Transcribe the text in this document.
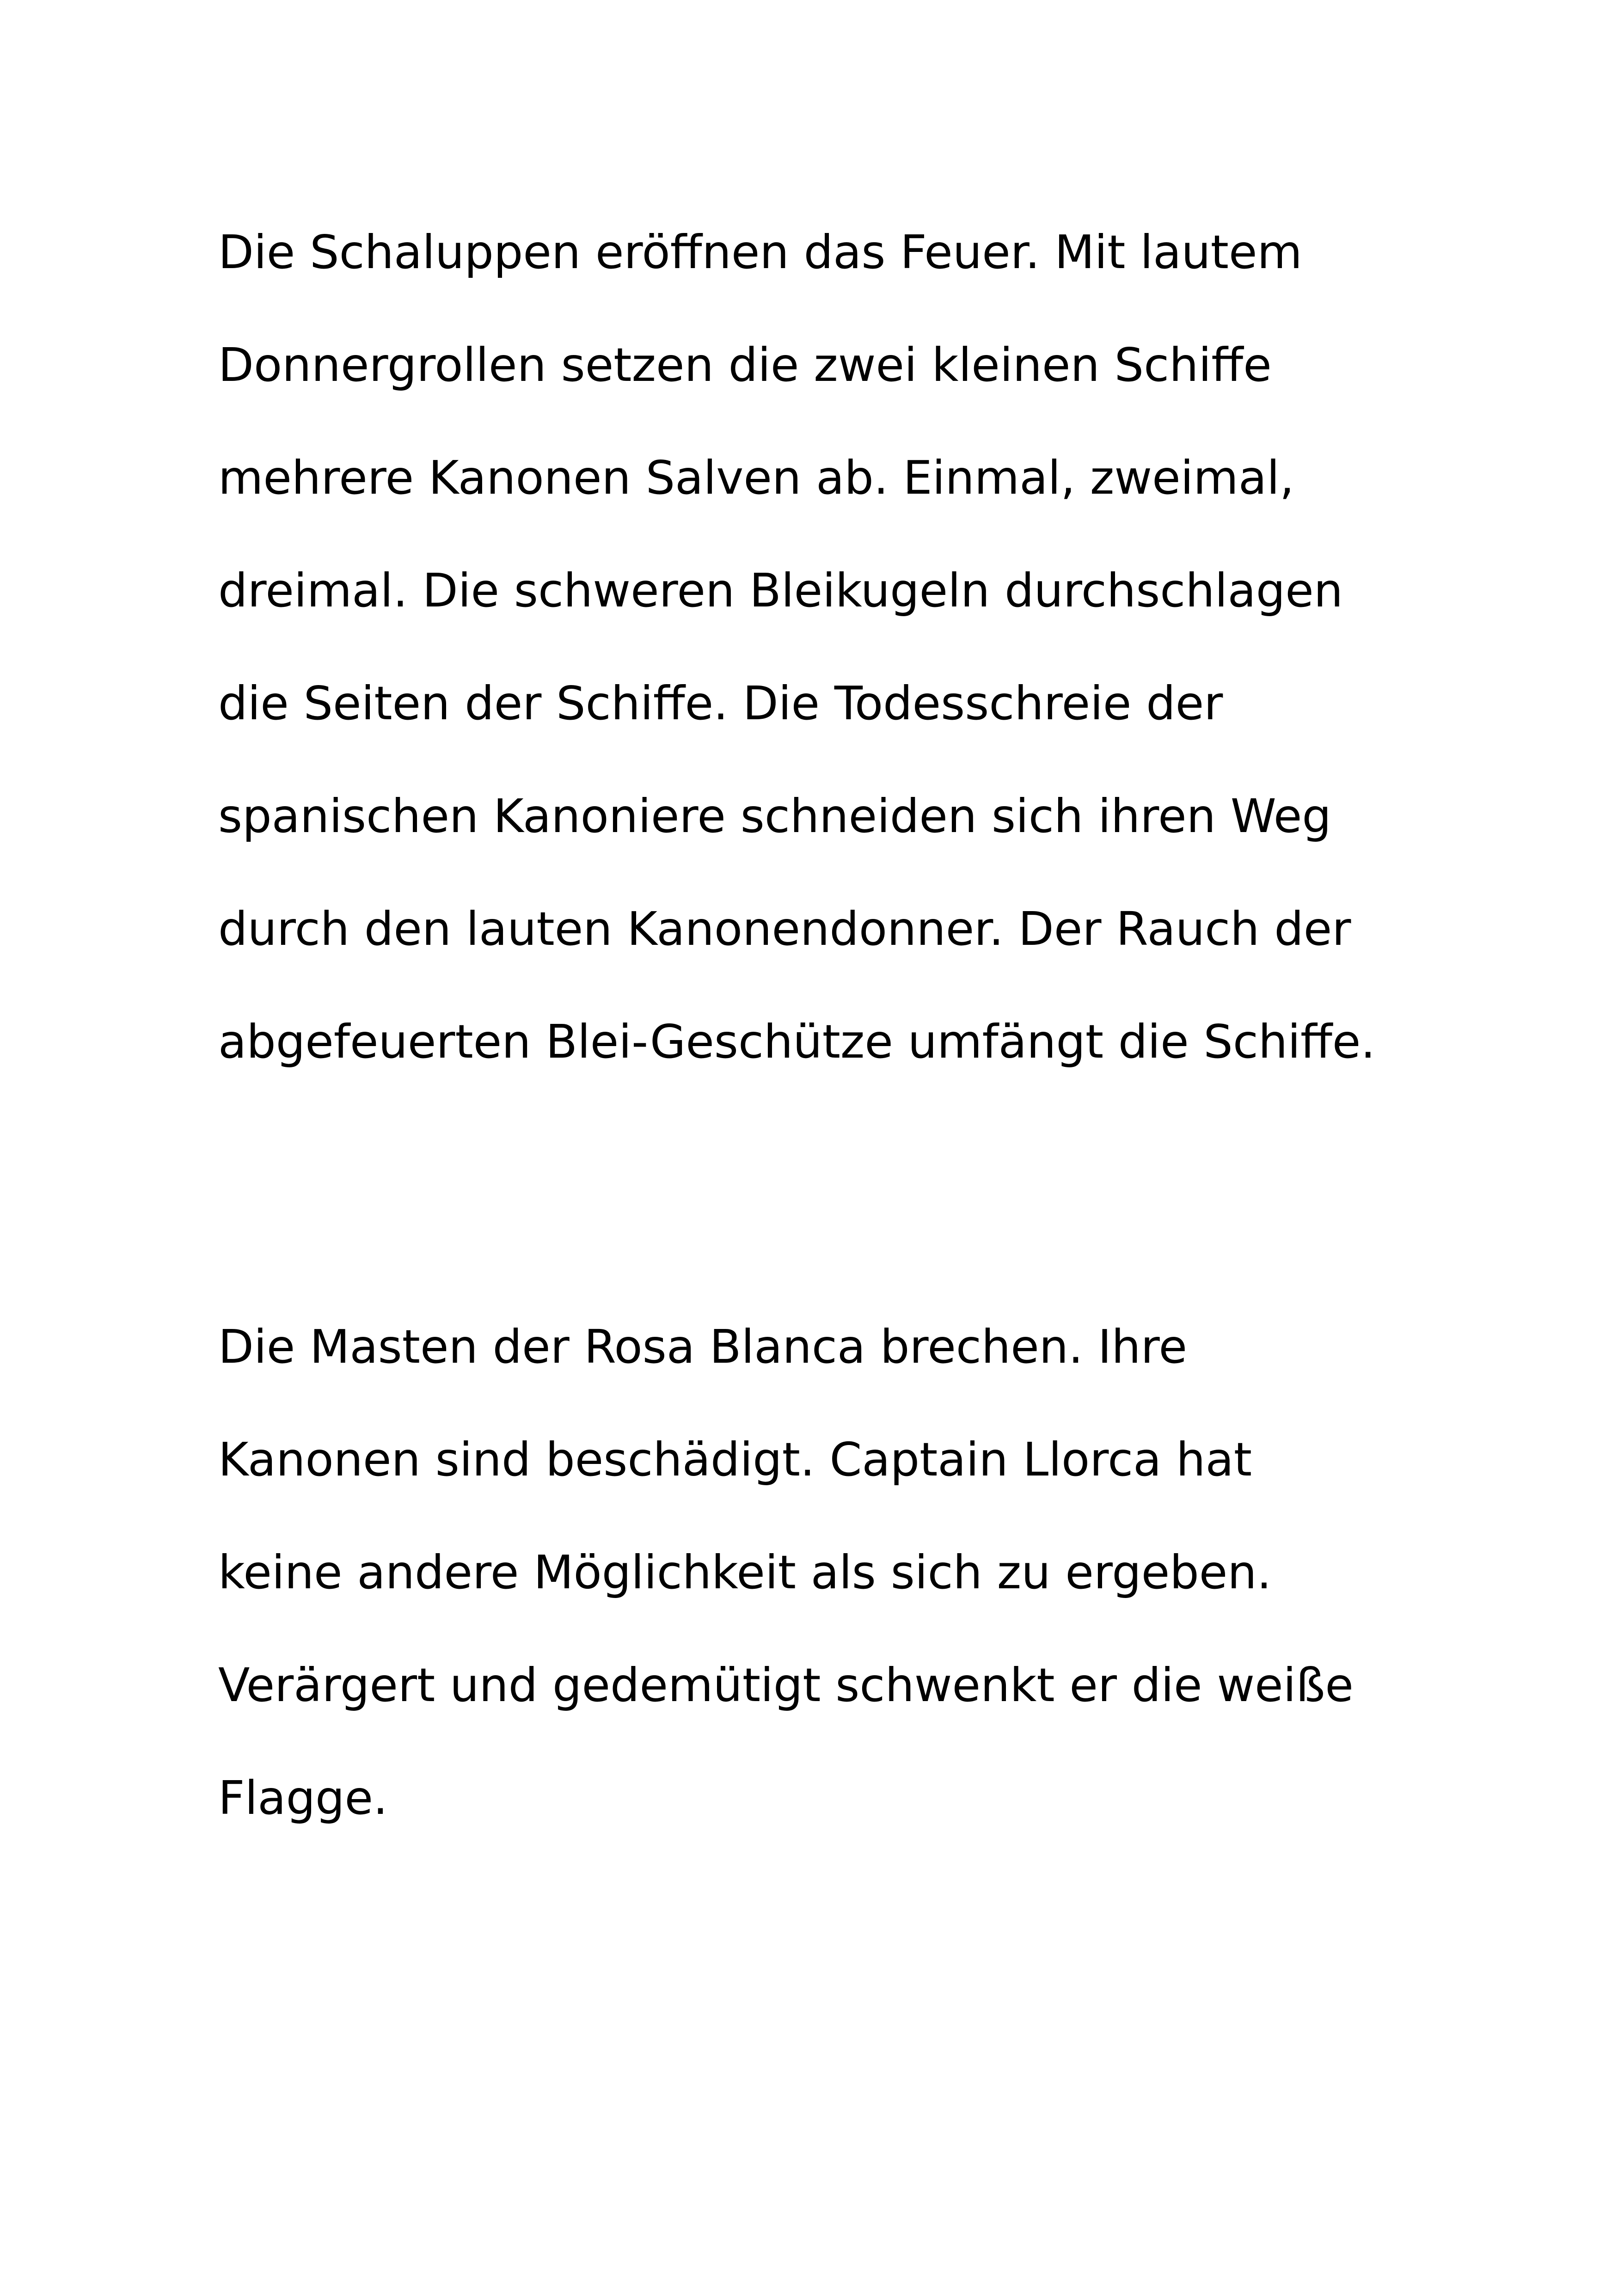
Die Schaluppen eröffnen das Feuer. Mit lautem
Donnergrollen setzen die zwei kleinen Schiffe
mehrere Kanonen Salven ab. Einmal, zweimal,
dreimal. Die schweren Bleikugeln durchschlagen
die Seiten der Schiffe. Die Todesschreie der
spanischen Kanoniere schneiden sich ihren Weg
durch den lauten Kanonendonner. Der Rauch der
abgefeuerten Blei-Geschütze umfängt die Schiffe.

Die Masten der Rosa Blanca brechen. Ihre
Kanonen sind beschädigt. Captain Llorca hat
keine andere Möglichkeit als sich zu ergeben.
Verärgert und gedemütigt schwenkt er die weiße
Flagge.
